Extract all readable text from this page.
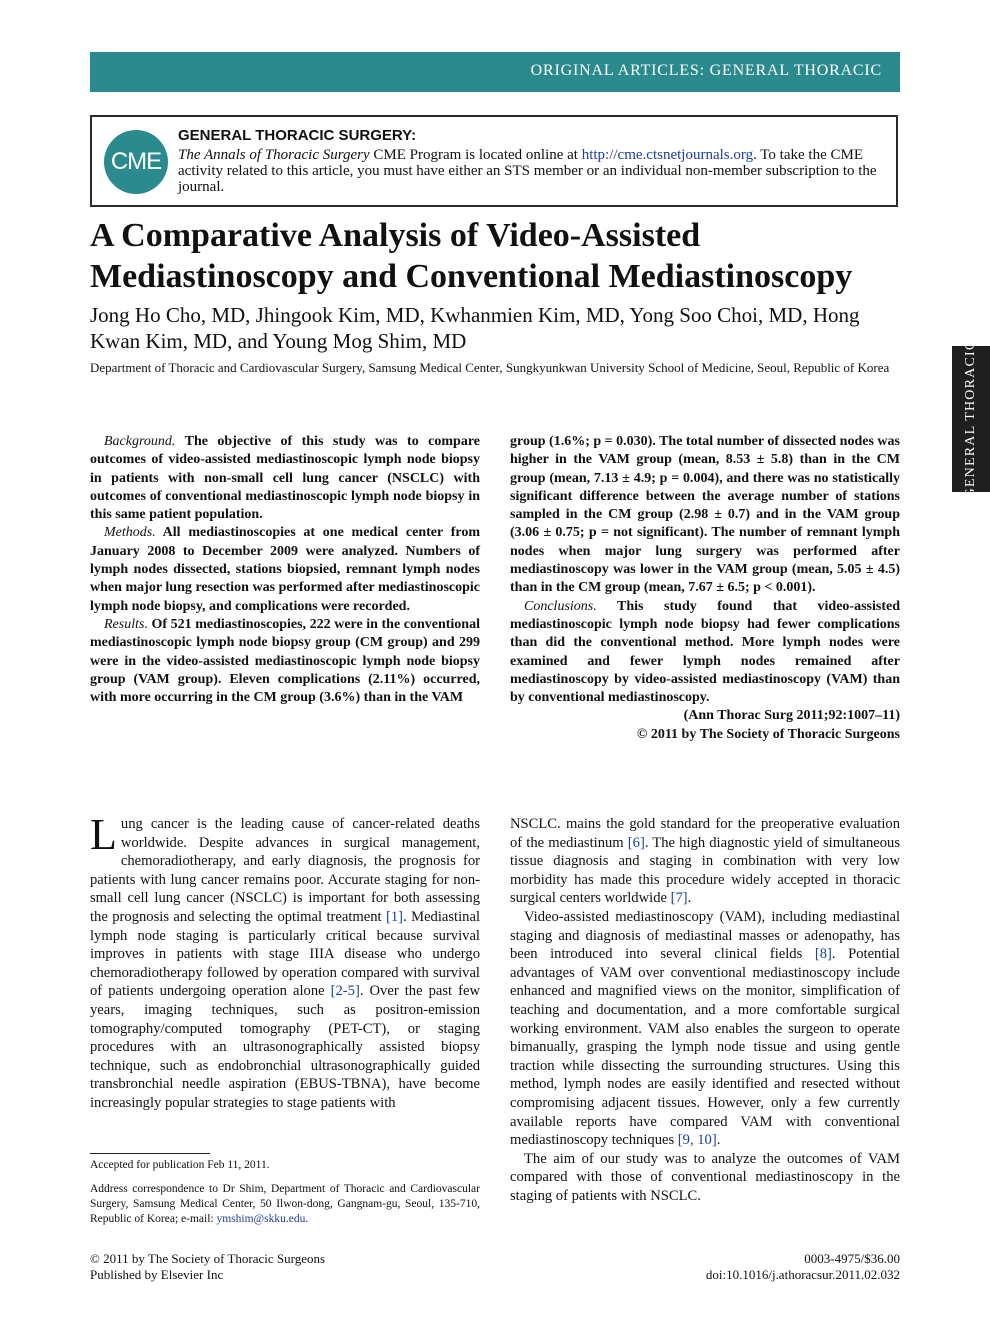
ORIGINAL ARTICLES: GENERAL THORACIC
GENERAL THORACIC
CME
GENERAL THORACIC SURGERY:
The Annals of Thoracic Surgery CME Program is located online at http://cme.ctsnetjournals.org. To take the CME activity related to this article, you must have either an STS member or an individual non-member subscription to the journal.
A Comparative Analysis of Video-Assisted Mediastinoscopy and Conventional Mediastinoscopy
Jong Ho Cho, MD, Jhingook Kim, MD, Kwhanmien Kim, MD, Yong Soo Choi, MD, Hong Kwan Kim, MD, and Young Mog Shim, MD
Department of Thoracic and Cardiovascular Surgery, Samsung Medical Center, Sungkyunkwan University School of Medicine, Seoul, Republic of Korea

Background. The objective of this study was to compare outcomes of video-assisted mediastinoscopic lymph node biopsy in patients with non-small cell lung cancer (NSCLC) with outcomes of conventional mediastinoscopic lymph node biopsy in this same patient population.

Methods. All mediastinoscopies at one medical center from January 2008 to December 2009 were analyzed. Numbers of lymph nodes dissected, stations biopsied, remnant lymph nodes when major lung resection was performed after mediastinoscopic lymph node biopsy, and complications were recorded.

Results. Of 521 mediastinoscopies, 222 were in the conventional mediastinoscopic lymph node biopsy group (CM group) and 299 were in the video-assisted mediastinoscopic lymph node biopsy group (VAM group). Eleven complications (2.11%) occurred, with more occurring in the CM group (3.6%) than in the VAM

group (1.6%; p = 0.030). The total number of dissected nodes was higher in the VAM group (mean, 8.53 ± 5.8) than in the CM group (mean, 7.13 ± 4.9; p = 0.004), and there was no statistically significant difference between the average number of stations sampled in the CM group (2.98 ± 0.7) and in the VAM group (3.06 ± 0.75; p = not significant). The number of remnant lymph nodes when major lung surgery was performed after mediastinoscopy was lower in the VAM group (mean, 5.05 ± 4.5) than in the CM group (mean, 7.67 ± 6.5; p < 0.001).

Conclusions. This study found that video-assisted mediastinoscopic lymph node biopsy had fewer complications than did the conventional method. More lymph nodes were examined and fewer lymph nodes remained after mediastinoscopy by video-assisted mediastinoscopy (VAM) than by conventional mediastinoscopy.

(Ann Thorac Surg 2011;92:1007–11)

© 2011 by The Society of Thoracic Surgeons

Lung cancer is the leading cause of cancer-related deaths worldwide. Despite advances in surgical management, chemoradiotherapy, and early diagnosis, the prognosis for patients with lung cancer remains poor. Accurate staging for non-small cell lung cancer (NSCLC) is important for both assessing the prognosis and selecting the optimal treatment [1]. Mediastinal lymph node staging is particularly critical because survival improves in patients with stage IIIA disease who undergo chemoradiotherapy followed by operation compared with survival of patients undergoing operation alone [2-5]. Over the past few years, imaging techniques, such as positron-emission tomography/computed tomography (PET-CT), or staging procedures with an ultrasonographically assisted biopsy technique, such as endobronchial ultrasonographically guided transbronchial needle aspiration (EBUS-TBNA), have become increasingly popular strategies to stage patients with

NSCLC. mains the gold standard for the preoperative evaluation of the mediastinum [6]. The high diagnostic yield of simultaneous tissue diagnosis and staging in combination with very low morbidity has made this procedure widely accepted in thoracic surgical centers worldwide [7].

Video-assisted mediastinoscopy (VAM), including mediastinal staging and diagnosis of mediastinal masses or adenopathy, has been introduced into several clinical fields [8]. Potential advantages of VAM over conventional mediastinoscopy include enhanced and magnified views on the monitor, simplification of teaching and documentation, and a more comfortable surgical working environment. VAM also enables the surgeon to operate bimanually, grasping the lymph node tissue and using gentle traction while dissecting the surrounding structures. Using this method, lymph nodes are easily identified and resected without compromising adjacent tissues. However, only a few currently available reports have compared VAM with conventional mediastinoscopy techniques [9, 10].

The aim of our study was to analyze the outcomes of VAM compared with those of conventional mediastinoscopy in the staging of patients with NSCLC.

Accepted for publication Feb 11, 2011.
Address correspondence to Dr Shim, Department of Thoracic and Cardiovascular Surgery, Samsung Medical Center, 50 Ilwon-dong, Gangnam-gu, Seoul, 135-710, Republic of Korea; e-mail: ymshim@skku.edu.
© 2011 by The Society of Thoracic Surgeons
Published by Elsevier Inc
0003-4975/$36.00
doi:10.1016/j.athoracsur.2011.02.032
